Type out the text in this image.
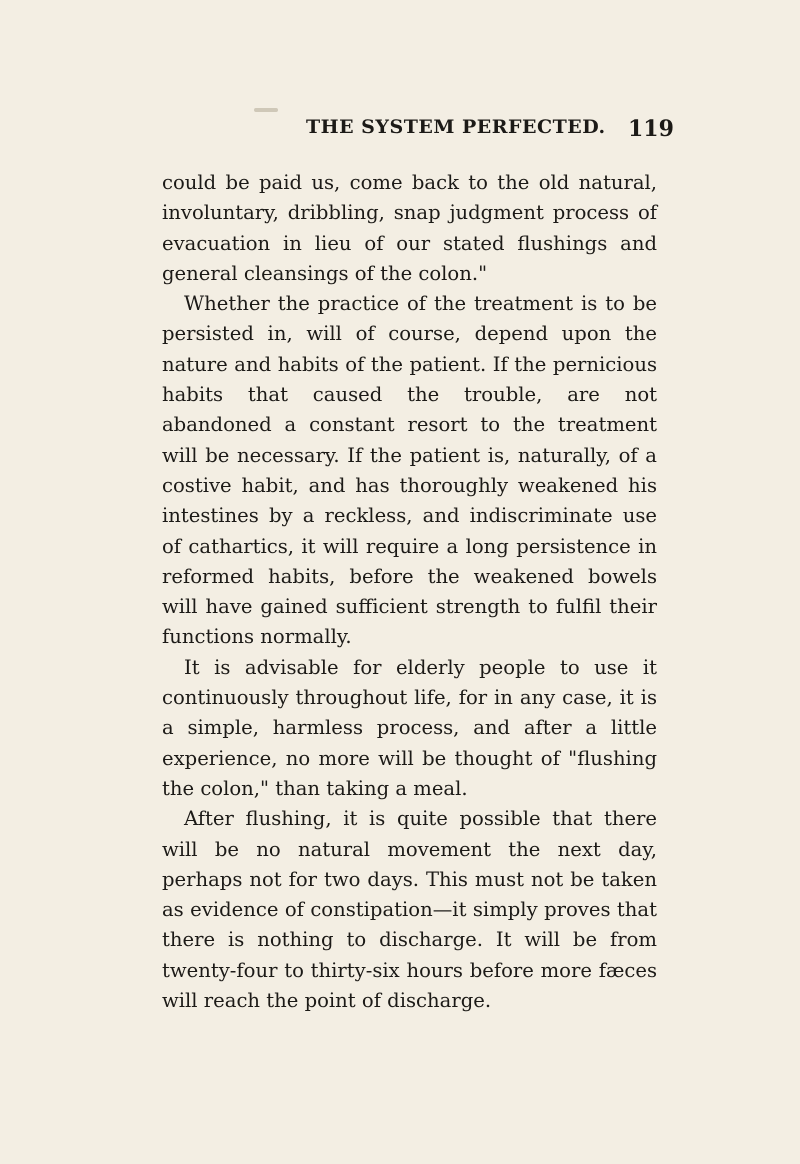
THE SYSTEM PERFECTED. 119

could be paid us, come back to the old natural, involuntary, dribbling, snap judgment process of evacuation in lieu of our stated flushings and general cleansings of the colon."

Whether the practice of the treatment is to be persisted in, will of course, depend upon the nature and habits of the patient. If the pernicious habits that caused the trouble, are not abandoned a constant resort to the treatment will be necessary. If the patient is, naturally, of a costive habit, and has thoroughly weakened his intestines by a reckless, and indiscriminate use of cathartics, it will require a long persistence in reformed habits, before the weakened bowels will have gained sufficient strength to fulfil their functions normally.

It is advisable for elderly people to use it continuously throughout life, for in any case, it is a simple, harmless process, and after a little experience, no more will be thought of "flushing the colon," than taking a meal.

After flushing, it is quite possible that there will be no natural movement the next day, perhaps not for two days. This must not be taken as evidence of constipation—it simply proves that there is nothing to discharge. It will be from twenty-four to thirty-six hours before more fæces will reach the point of discharge.
